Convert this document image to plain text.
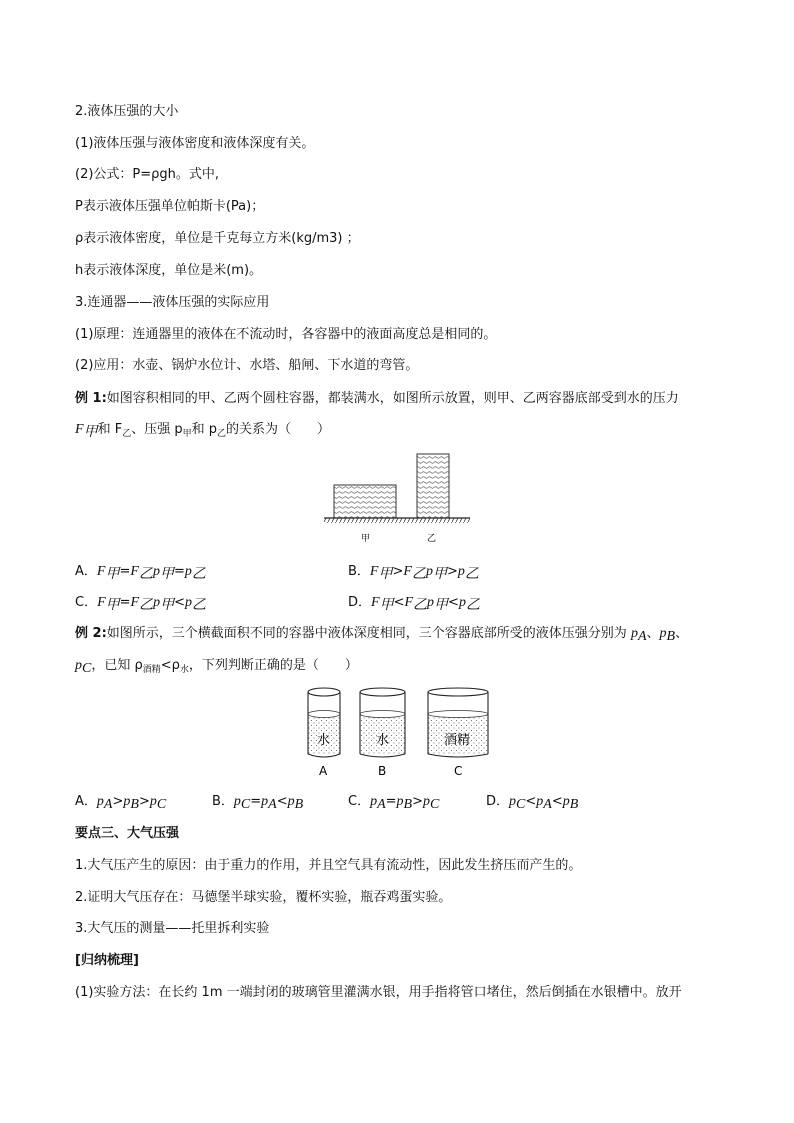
2.液体压强的大小
(1)液体压强与液体密度和液体深度有关。
(2)公式：P=ρgh。式中,
P表示液体压强单位帕斯卡(Pa)；
ρ表示液体密度，单位是千克每立方米(kg/m3) ；
h表示液体深度，单位是米(m)。
3.连通器——液体压强的实际应用
(1)原理：连通器里的液体在不流动时，各容器中的液面高度总是相同的。
(2)应用：水壶、锅炉水位计、水塔、船闸、下水道的弯管。
例 1:如图容积相同的甲、乙两个圆柱容器，都装满水，如图所示放置，则甲、乙两容器底部受到水的压力
$F_甲$和 $F_乙$、压强 $p_甲$和 $p_乙$的关系为（　　）
甲	乙
A．$F_甲=F_乙p_甲=p_乙$	B．$F_甲>F_乙p_甲>p_乙$
C．$F_甲=F_乙p_甲<p_乙$	D．$F_甲<F_乙p_甲<p_乙$
例 2:如图所示，三个横截面积不同的容器中液体深度相同，三个容器底部所受的液体压强分别为 $p_A$、$p_B$、
$p_C$，已知 $\rho_{酒精}<\rho_水$，下列判断正确的是（　　）
水
A
水
B
酒精
C
A．$p_A>p_B>p_C$	B．$p_C=p_A<p_B$	C．$p_A=p_B>p_C$	D．$p_C<p_A<p_B$
要点三、大气压强
1.大气压产生的原因：由于重力的作用，并且空气具有流动性，因此发生挤压而产生的。
2.证明大气压存在：马德堡半球实验，覆杯实验，瓶吞鸡蛋实验。
3.大气压的测量——托里拆利实验
[归纳梳理]
(1)实验方法：在长约 1m 一端封闭的玻璃管里灌满水银，用手指将管口堵住，然后倒插在水银槽中。放开
